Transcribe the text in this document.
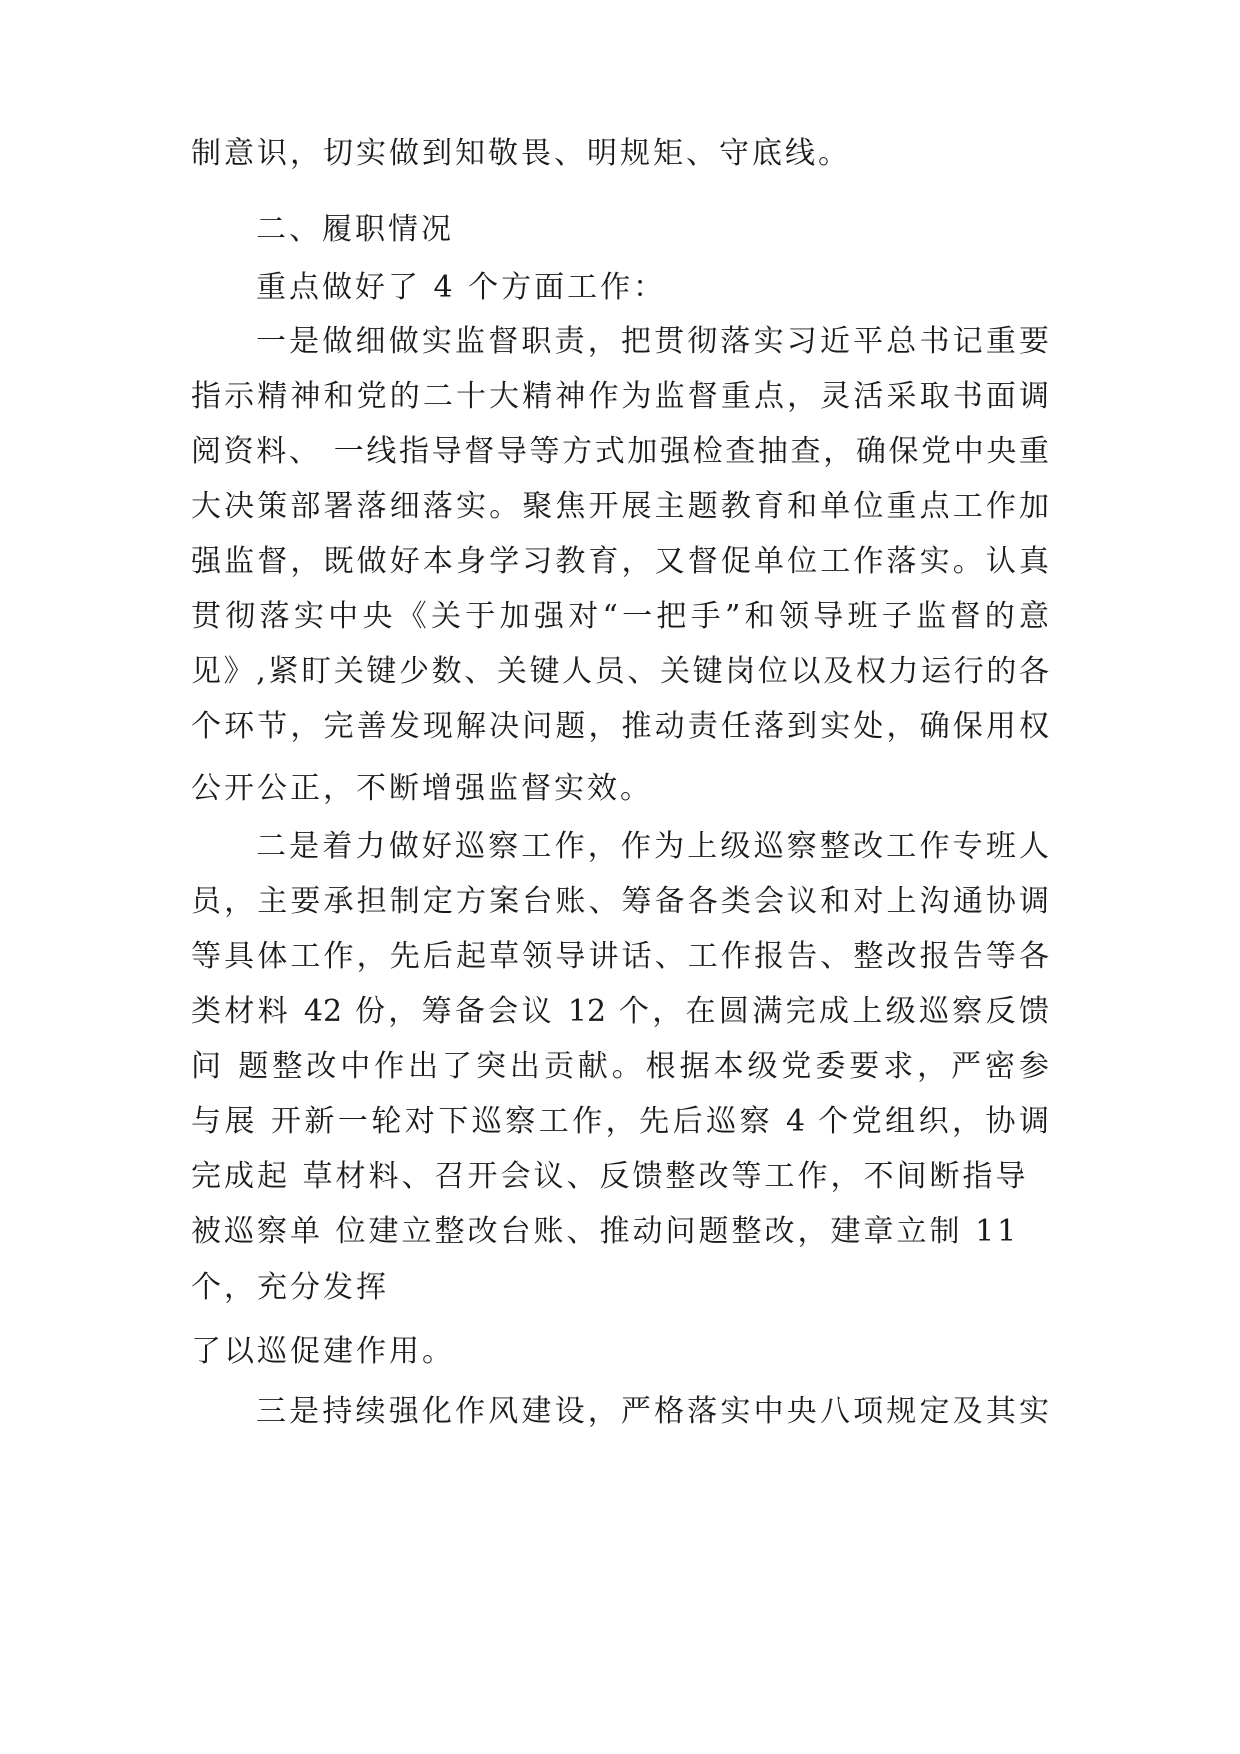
制意识，切实做到知敬畏、明规矩、守底线。
二、履职情况
重点做好了 4 个方面工作：
一是做细做实监督职责，把贯彻落实习近平总书记重要
指示精神和党的二十大精神作为监督重点，灵活采取书面调
阅资料、 一线指导督导等方式加强检查抽查，确保党中央重
大决策部署落细落实。聚焦开展主题教育和单位重点工作加
强监督，既做好本身学习教育，又督促单位工作落实。认真
贯彻落实中央《关于加强对“一把手”和领导班子监督的意
见》,紧盯关键少数、关键人员、关键岗位以及权力运行的各
个环节，完善发现解决问题，推动责任落到实处，确保用权
公开公正，不断增强监督实效。
二是着力做好巡察工作，作为上级巡察整改工作专班人
员，主要承担制定方案台账、筹备各类会议和对上沟通协调
等具体工作，先后起草领导讲话、工作报告、整改报告等各
类材料 42 份，筹备会议 12 个，在圆满完成上级巡察反馈
问 题整改中作出了突出贡献。根据本级党委要求，严密参
与展 开新一轮对下巡察工作，先后巡察 4 个党组织，协调
完成起 草材料、召开会议、反馈整改等工作，不间断指导
被巡察单 位建立整改台账、推动问题整改，建章立制 11
个，充分发挥
了以巡促建作用。
三是持续强化作风建设，严格落实中央八项规定及其实
